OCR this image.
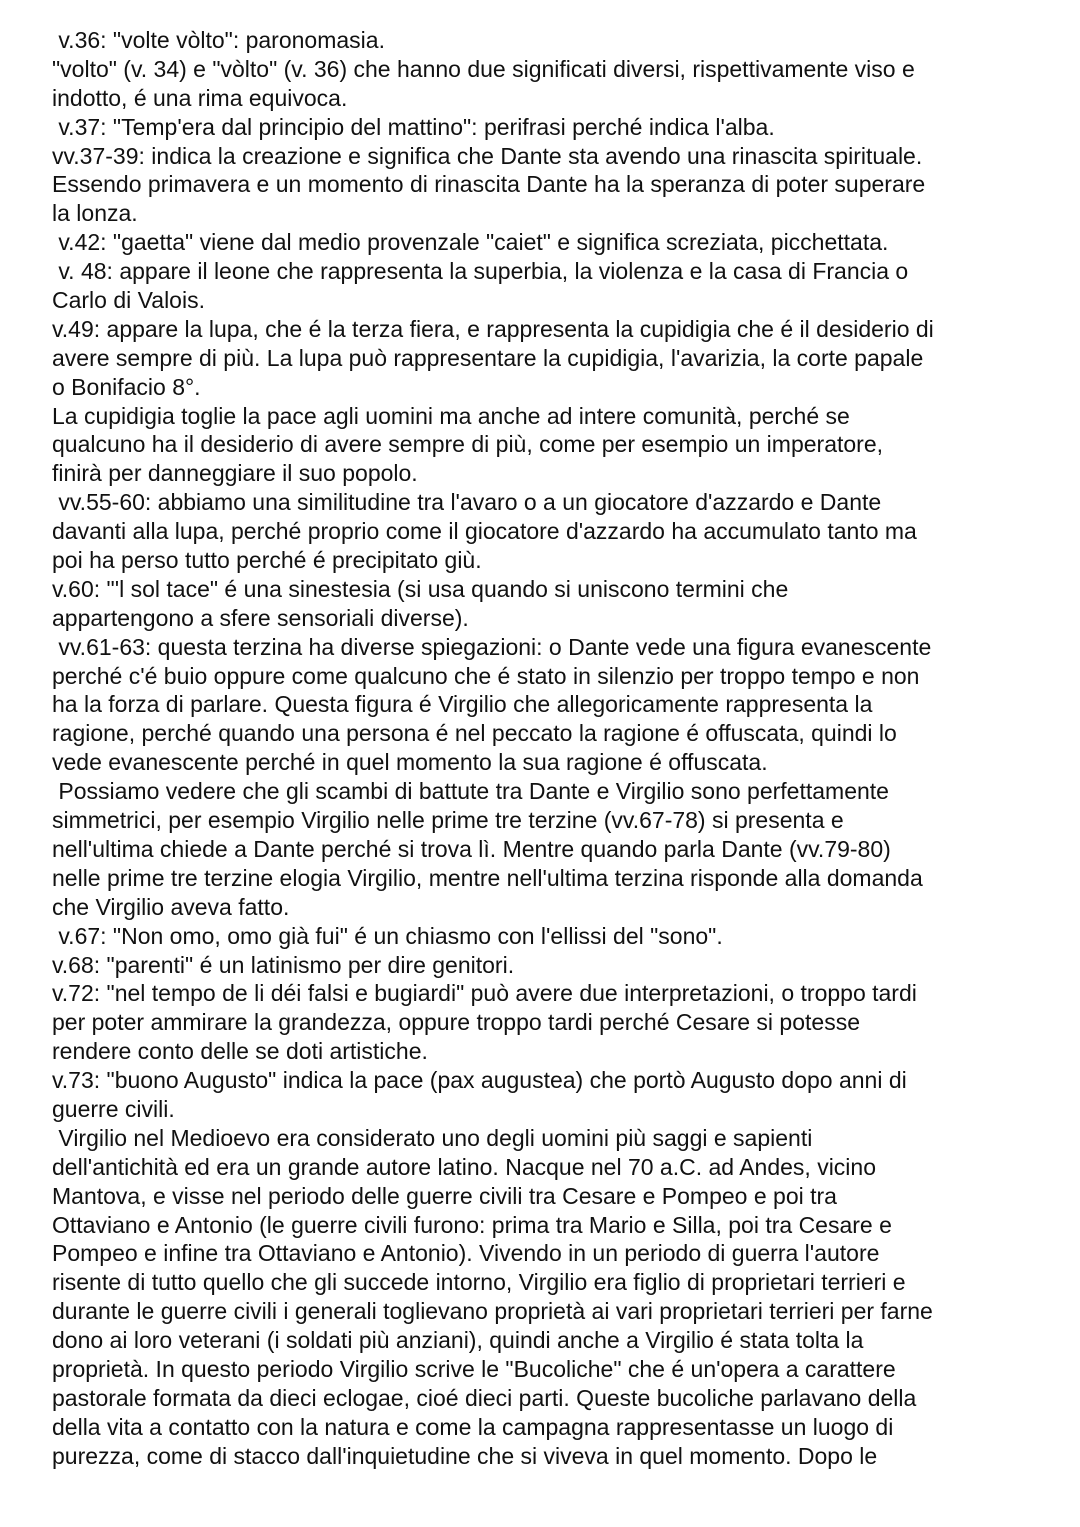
v.36: "volte vòlto": paronomasia.
"volto" (v. 34) e "vòlto" (v. 36) che hanno due significati diversi, rispettivamente viso e
indotto, é una rima equivoca.
v.37: "Temp'era dal principio del mattino": perifrasi perché indica l'alba.
vv.37-39: indica la creazione e significa che Dante sta avendo una rinascita spirituale.
Essendo primavera e un momento di rinascita Dante ha la speranza di poter superare
la lonza.
v.42: "gaetta" viene dal medio provenzale "caiet" e significa screziata, picchettata.
v. 48: appare il leone che rappresenta la superbia, la violenza e la casa di Francia o
Carlo di Valois.
v.49: appare la lupa, che é la terza fiera, e rappresenta la cupidigia che é il desiderio di
avere sempre di più. La lupa può rappresentare la cupidigia, l'avarizia, la corte papale
o Bonifacio 8°.
La cupidigia toglie la pace agli uomini ma anche ad intere comunità, perché se
qualcuno ha il desiderio di avere sempre di più, come per esempio un imperatore,
finirà per danneggiare il suo popolo.
vv.55-60: abbiamo una similitudine tra l'avaro o a un giocatore d'azzardo e Dante
davanti alla lupa, perché proprio come il giocatore d'azzardo ha accumulato tanto ma
poi ha perso tutto perché é precipitato giù.
v.60: "'l sol tace" é una sinestesia (si usa quando si uniscono termini che
appartengono a sfere sensoriali diverse).
vv.61-63: questa terzina ha diverse spiegazioni: o Dante vede una figura evanescente
perché c'é buio oppure come qualcuno che é stato in silenzio per troppo tempo e non
ha la forza di parlare. Questa figura é Virgilio che allegoricamente rappresenta la
ragione, perché quando una persona é nel peccato la ragione é offuscata, quindi lo
vede evanescente perché in quel momento la sua ragione é offuscata.
Possiamo vedere che gli scambi di battute tra Dante e Virgilio sono perfettamente
simmetrici, per esempio Virgilio nelle prime tre terzine (vv.67-78) si presenta e
nell'ultima chiede a Dante perché si trova lì. Mentre quando parla Dante (vv.79-80)
nelle prime tre terzine elogia Virgilio, mentre nell'ultima terzina risponde alla domanda
che Virgilio aveva fatto.
v.67: "Non omo, omo già fui" é un chiasmo con l'ellissi del "sono".
v.68: "parenti" é un latinismo per dire genitori.
v.72: "nel tempo de li déi falsi e bugiardi" può avere due interpretazioni, o troppo tardi
per poter ammirare la grandezza, oppure troppo tardi perché Cesare si potesse
rendere conto delle se doti artistiche.
v.73: "buono Augusto" indica la pace (pax augustea) che portò Augusto dopo anni di
guerre civili.
Virgilio nel Medioevo era considerato uno degli uomini più saggi e sapienti
dell'antichità ed era un grande autore latino. Nacque nel 70 a.C. ad Andes, vicino
Mantova, e visse nel periodo delle guerre civili tra Cesare e Pompeo e poi tra
Ottaviano e Antonio (le guerre civili furono: prima tra Mario e Silla, poi tra Cesare e
Pompeo e infine tra Ottaviano e Antonio). Vivendo in un periodo di guerra l'autore
risente di tutto quello che gli succede intorno, Virgilio era figlio di proprietari terrieri e
durante le guerre civili i generali toglievano proprietà ai vari proprietari terrieri per farne
dono ai loro veterani (i soldati più anziani), quindi anche a Virgilio é stata tolta la
proprietà. In questo periodo Virgilio scrive le "Bucoliche" che é un'opera a carattere
pastorale formata da dieci eclogae, cioé dieci parti. Queste bucoliche parlavano della
della vita a contatto con la natura e come la campagna rappresentasse un luogo di
purezza, come di stacco dall'inquietudine che si viveva in quel momento. Dopo le
